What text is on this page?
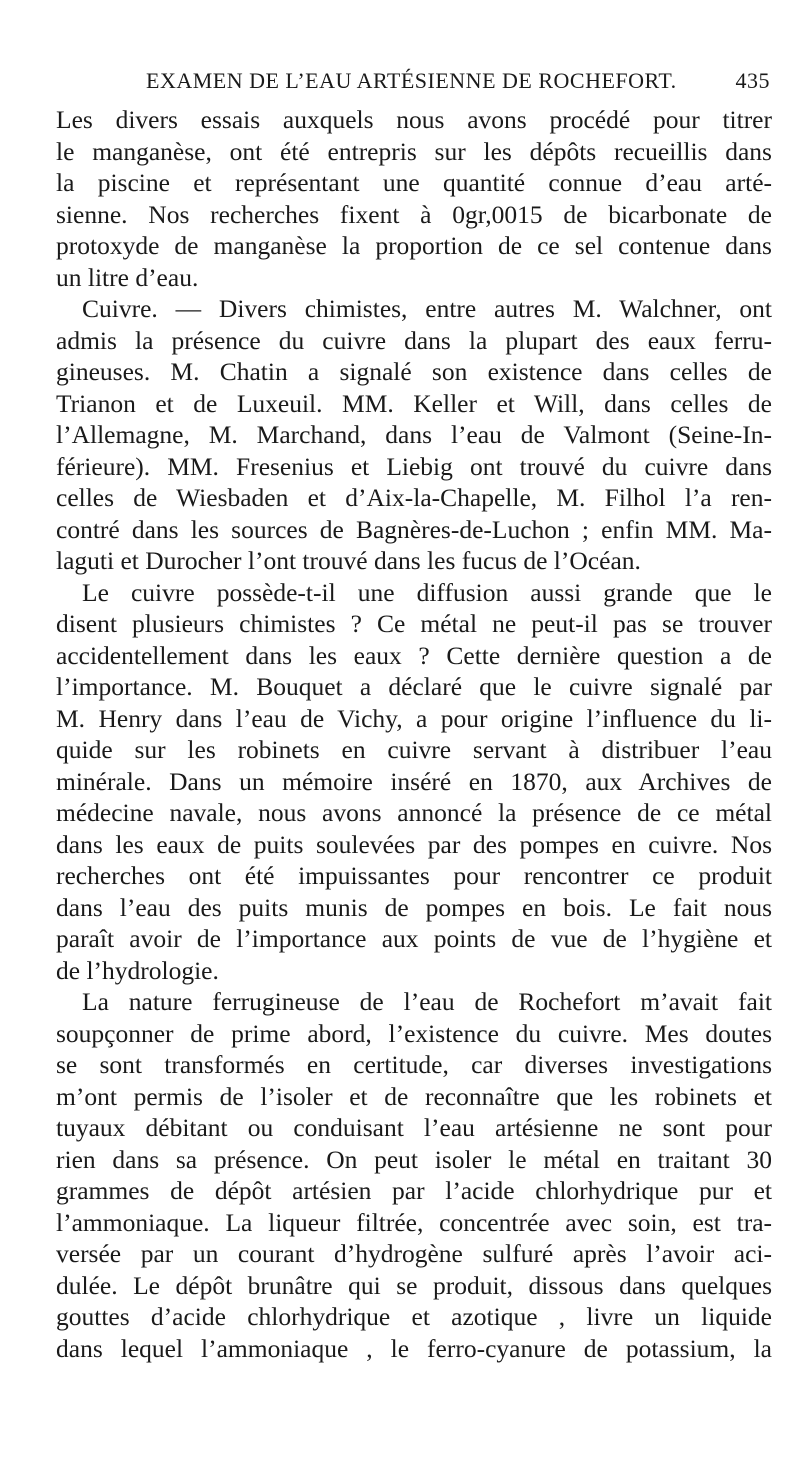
EXAMEN DE L’EAU ARTÉSIENNE DE ROCHEFORT.	435
Les divers essais auxquels nous avons procédé pour titrer
le manganèse, ont été entrepris sur les dépôts recueillis dans
la piscine et représentant une quantité connue d’eau arté-
sienne. Nos recherches fixent à 0gr,0015 de bicarbonate de
protoxyde de manganèse la proportion de ce sel contenue dans
un litre d’eau.
Cuivre. — Divers chimistes, entre autres M. Walchner, ont
admis la présence du cuivre dans la plupart des eaux ferru-
gineuses. M. Chatin a signalé son existence dans celles de
Trianon et de Luxeuil. MM. Keller et Will, dans celles de
l’Allemagne, M. Marchand, dans l’eau de Valmont (Seine-In-
férieure). MM. Fresenius et Liebig ont trouvé du cuivre dans
celles de Wiesbaden et d’Aix-la-Chapelle, M. Filhol l’a ren-
contré dans les sources de Bagnères-de-Luchon ; enfin MM. Ma-
laguti et Durocher l’ont trouvé dans les fucus de l’Océan.
Le cuivre possède-t-il une diffusion aussi grande que le
disent plusieurs chimistes ? Ce métal ne peut-il pas se trouver
accidentellement dans les eaux ? Cette dernière question a de
l’importance. M. Bouquet a déclaré que le cuivre signalé par
M. Henry dans l’eau de Vichy, a pour origine l’influence du li-
quide sur les robinets en cuivre servant à distribuer l’eau
minérale. Dans un mémoire inséré en 1870, aux Archives de
médecine navale, nous avons annoncé la présence de ce métal
dans les eaux de puits soulevées par des pompes en cuivre. Nos
recherches ont été impuissantes pour rencontrer ce produit
dans l’eau des puits munis de pompes en bois. Le fait nous
paraît avoir de l’importance aux points de vue de l’hygiène et
de l’hydrologie.
La nature ferrugineuse de l’eau de Rochefort m’avait fait
soupçonner de prime abord, l’existence du cuivre. Mes doutes
se sont transformés en certitude, car diverses investigations
m’ont permis de l’isoler et de reconnaître que les robinets et
tuyaux débitant ou conduisant l’eau artésienne ne sont pour
rien dans sa présence. On peut isoler le métal en traitant 30
grammes de dépôt artésien par l’acide chlorhydrique pur et
l’ammoniaque. La liqueur filtrée, concentrée avec soin, est tra-
versée par un courant d’hydrogène sulfuré après l’avoir aci-
dulée. Le dépôt brunâtre qui se produit, dissous dans quelques
gouttes d’acide chlorhydrique et azotique , livre un liquide
dans lequel l’ammoniaque , le ferro-cyanure de potassium, la
